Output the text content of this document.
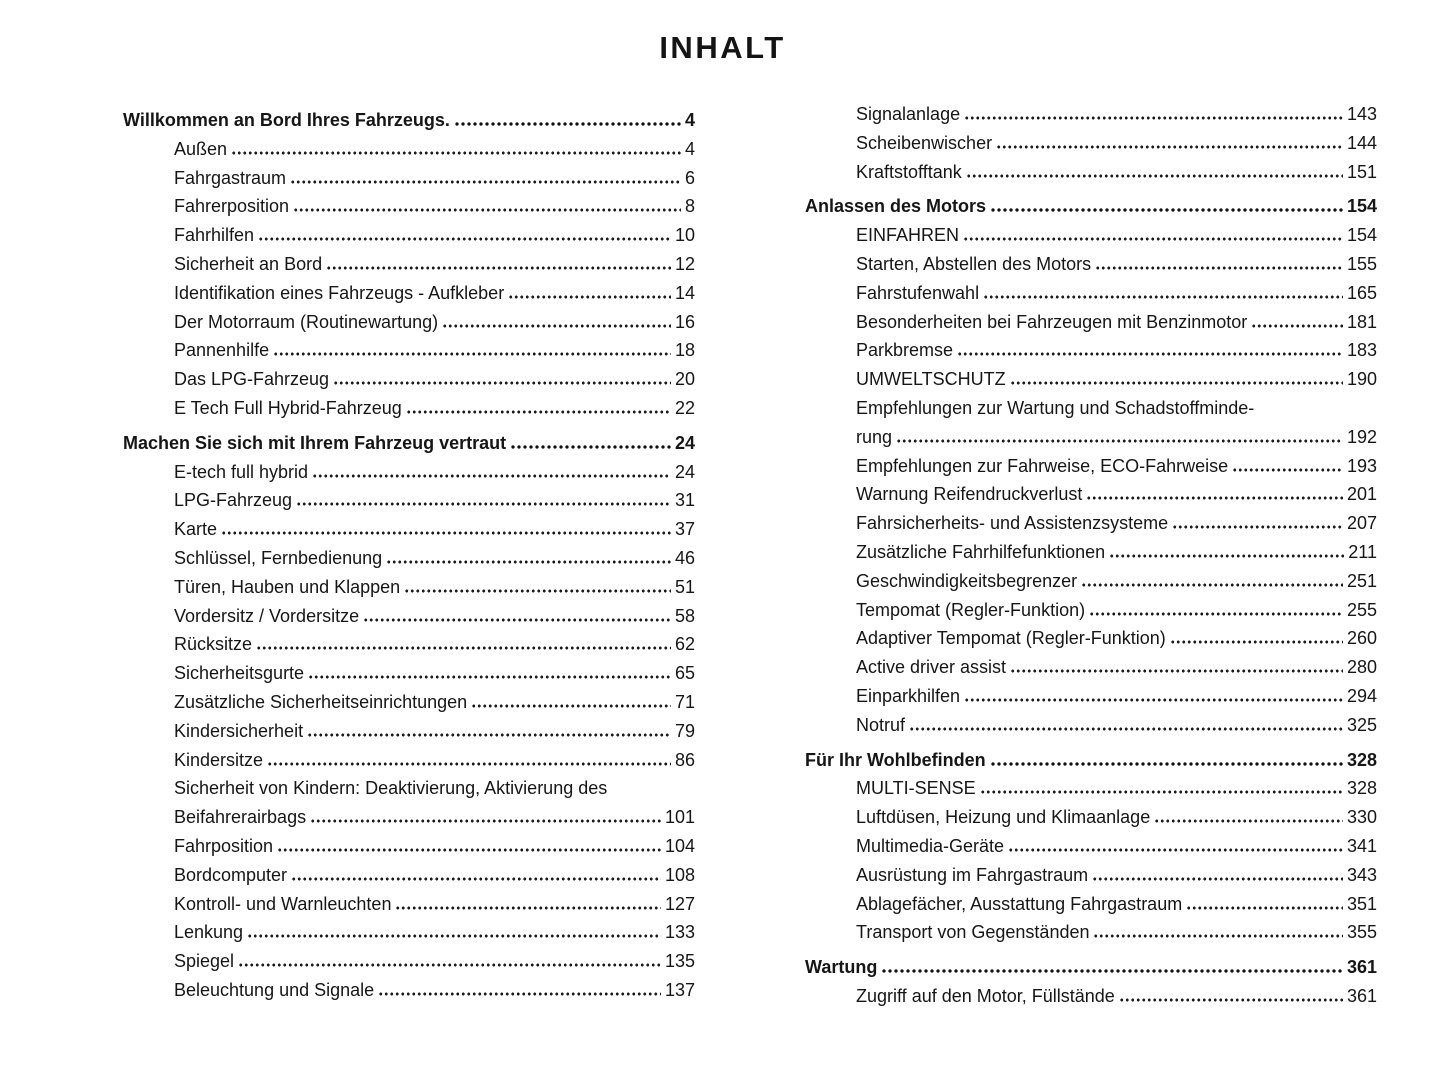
INHALT
Willkommen an Bord Ihres Fahrzeugs.	4
Außen	4
Fahrgastraum	6
Fahrerposition	8
Fahrhilfen	10
Sicherheit an Bord	12
Identifikation eines Fahrzeugs - Aufkleber	14
Der Motorraum (Routinewartung)	16
Pannenhilfe	18
Das LPG-Fahrzeug	20
E Tech Full Hybrid-Fahrzeug	22
Machen Sie sich mit Ihrem Fahrzeug vertraut	24
E-tech full hybrid	24
LPG-Fahrzeug	31
Karte	37
Schlüssel, Fernbedienung	46
Türen, Hauben und Klappen	51
Vordersitz / Vordersitze	58
Rücksitze	62
Sicherheitsgurte	65
Zusätzliche Sicherheitseinrichtungen	71
Kindersicherheit	79
Kindersitze	86
Sicherheit von Kindern: Deaktivierung, Aktivierung des
Beifahrerairbags	101
Fahrposition	104
Bordcomputer	108
Kontroll- und Warnleuchten	127
Lenkung	133
Spiegel	135
Beleuchtung und Signale	137
Signalanlage	143
Scheibenwischer	144
Kraftstofftank	151
Anlassen des Motors	154
EINFAHREN	154
Starten, Abstellen des Motors	155
Fahrstufenwahl	165
Besonderheiten bei Fahrzeugen mit Benzinmotor	181
Parkbremse	183
UMWELTSCHUTZ	190
Empfehlungen zur Wartung und Schadstoffminde-
rung	192
Empfehlungen zur Fahrweise, ECO-Fahrweise	193
Warnung Reifendruckverlust	201
Fahrsicherheits- und Assistenzsysteme	207
Zusätzliche Fahrhilfefunktionen	211
Geschwindigkeitsbegrenzer	251
Tempomat (Regler-Funktion)	255
Adaptiver Tempomat (Regler-Funktion)	260
Active driver assist	280
Einparkhilfen	294
Notruf	325
Für Ihr Wohlbefinden	328
MULTI-SENSE	328
Luftdüsen, Heizung und Klimaanlage	330
Multimedia-Geräte	341
Ausrüstung im Fahrgastraum	343
Ablagefächer, Ausstattung Fahrgastraum	351
Transport von Gegenständen	355
Wartung	361
Zugriff auf den Motor, Füllstände	361
